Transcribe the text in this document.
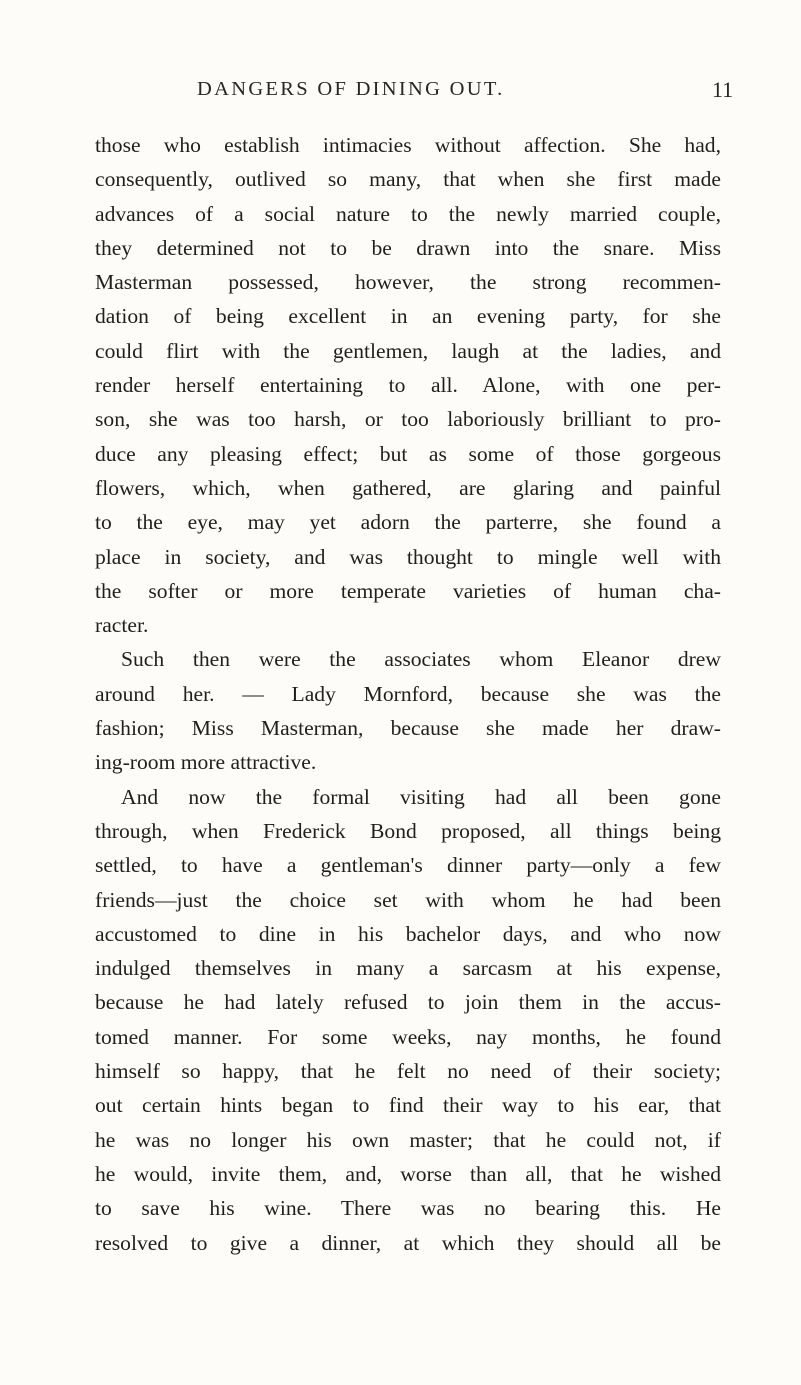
DANGERS OF DINING OUT.	11
those who establish intimacies without affection. She had,
consequently, outlived so many, that when she first made
advances of a social nature to the newly married couple,
they determined not to be drawn into the snare. Miss
Masterman possessed, however, the strong recommen-
dation of being excellent in an evening party, for she
could flirt with the gentlemen, laugh at the ladies, and
render herself entertaining to all. Alone, with one per-
son, she was too harsh, or too laboriously brilliant to pro-
duce any pleasing effect; but as some of those gorgeous
flowers, which, when gathered, are glaring and painful
to the eye, may yet adorn the parterre, she found a
place in society, and was thought to mingle well with
the softer or more temperate varieties of human cha-
racter.
Such then were the associates whom Eleanor drew
around her. — Lady Mornford, because she was the
fashion; Miss Masterman, because she made her draw-
ing-room more attractive.
And now the formal visiting had all been gone
through, when Frederick Bond proposed, all things being
settled, to have a gentleman's dinner party—only a few
friends—just the choice set with whom he had been
accustomed to dine in his bachelor days, and who now
indulged themselves in many a sarcasm at his expense,
because he had lately refused to join them in the accus-
tomed manner. For some weeks, nay months, he found
himself so happy, that he felt no need of their society;
out certain hints began to find their way to his ear, that
he was no longer his own master; that he could not, if
he would, invite them, and, worse than all, that he wished
to save his wine. There was no bearing this. He
resolved to give a dinner, at which they should all be
